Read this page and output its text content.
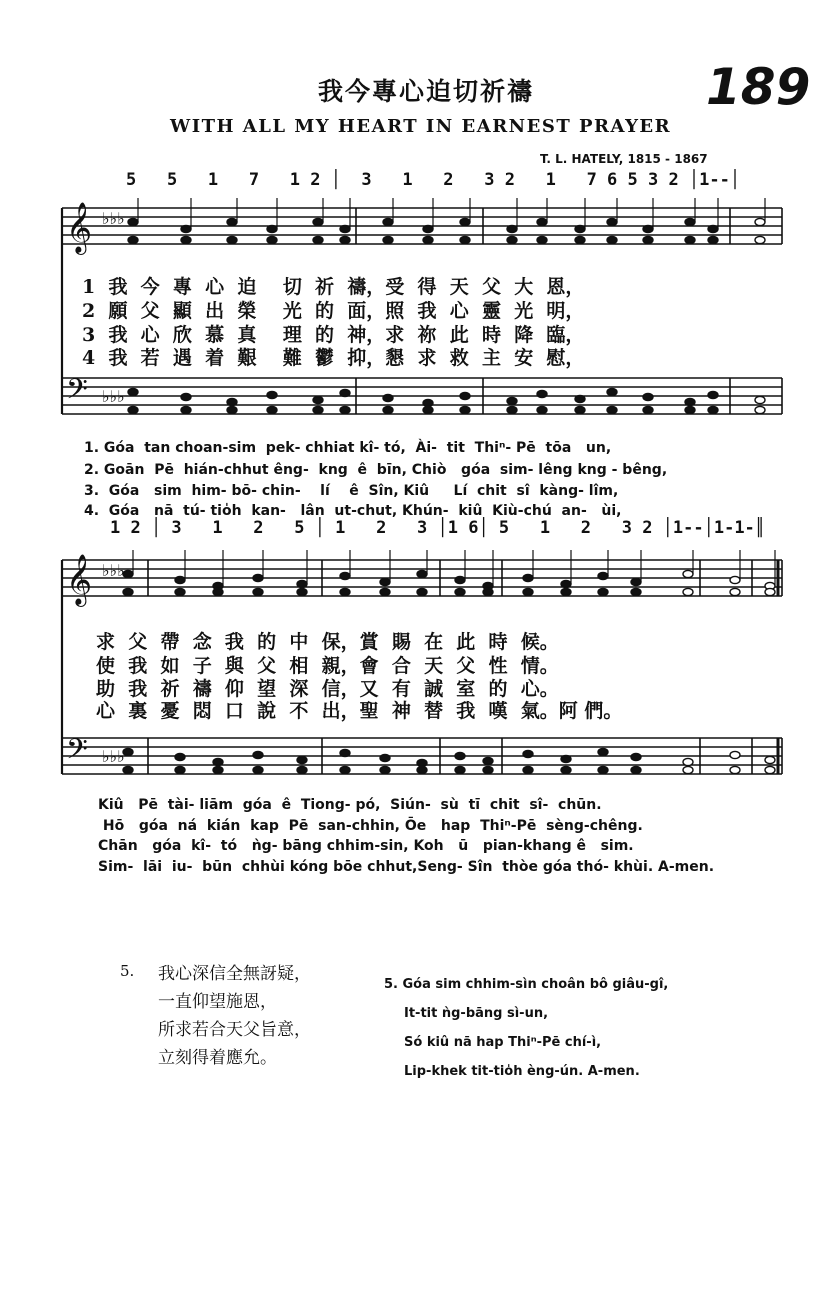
我今專心迫切祈禱	189
WITH ALL MY HEART IN EARNEST PRAYER
T. L. HATELY, 1815 - 1867
5   5   1   7   1 2 │  3   1   2   3 2   1   7 6 5 3 2 │1--│
𝄞
𝄢
♭♭♭
♭♭♭
𝄞
𝄢
♭♭♭
♭♭♭
1  我  今  專  心  迫    切  祈  禱，受  得  天  父  大  恩，
2  願  父  顯  出  榮    光  的  面，照  我  心  靈  光  明，
3  我  心  欣  慕  真    理  的  神，求  祢  此  時  降  臨，
4  我  若  遇  着  艱    難  鬱  抑，懇  求  救  主  安  慰，
1. Góa  tan choan-sim  pek- chhiat kî- tó,  Ài-  tit  Thiⁿ- Pē  tōa   un,
2. Goān  Pē  hián-chhut êng-  kng  ê  bīn, Chiò   góa  sim- lêng kng - bêng,
3.  Góa   sim  him- bō- chin-    lí    ê  Sîn, Kiû     Lí  chit  sî  kàng- lîm,
4.  Góa   nā  tú- tio̍h  kan-   lân  ut-chut, Khún-  kiû  Kiù-chú  an-   ùi,
1 2 │ 3   1   2   5 │ 1   2   3 │1 6│ 5   1   2   3 2 │1--│1-1-║
求  父  帶  念  我  的  中  保，賞  賜  在  此  時  候。
使  我  如  子  與  父  相  親，會  合  天  父  性  情。
助  我  祈  禱  仰  望  深  信，又  有  誠  室  的  心。
心  裏  憂  悶  口  說  不  出，聖  神  替  我  嘆  氣。阿 們。
Kiû   Pē  tài- liām  góa  ê  Tiong- pó,  Siún-  sù  tī  chit  sî-  chūn.
Hō   góa  ná  kián  kap  Pē  san-chhin, Ōe   hap  Thiⁿ-Pē  sèng-chêng.
Chān   góa  kî-  tó   ǹg- bāng chhim-sin, Koh   ū   pian-khang ê   sim.
Sim-  lāi  iu-  būn  chhùi kóng bōe chhut,Seng- Sîn  thòe góa thó- khùi. A-men.
5. 我心深信全無訝疑，
一直仰望施恩，
所求若合天父旨意，
立刻得着應允。
5. Góa sim chhim-sìn choân bô giâu-gî,
It-tit ǹg-bāng sì-un,
Só kiû nā hap Thiⁿ-Pē chí-ì,
Lip-khek tit-tio̍h èng-ún. A-men.
